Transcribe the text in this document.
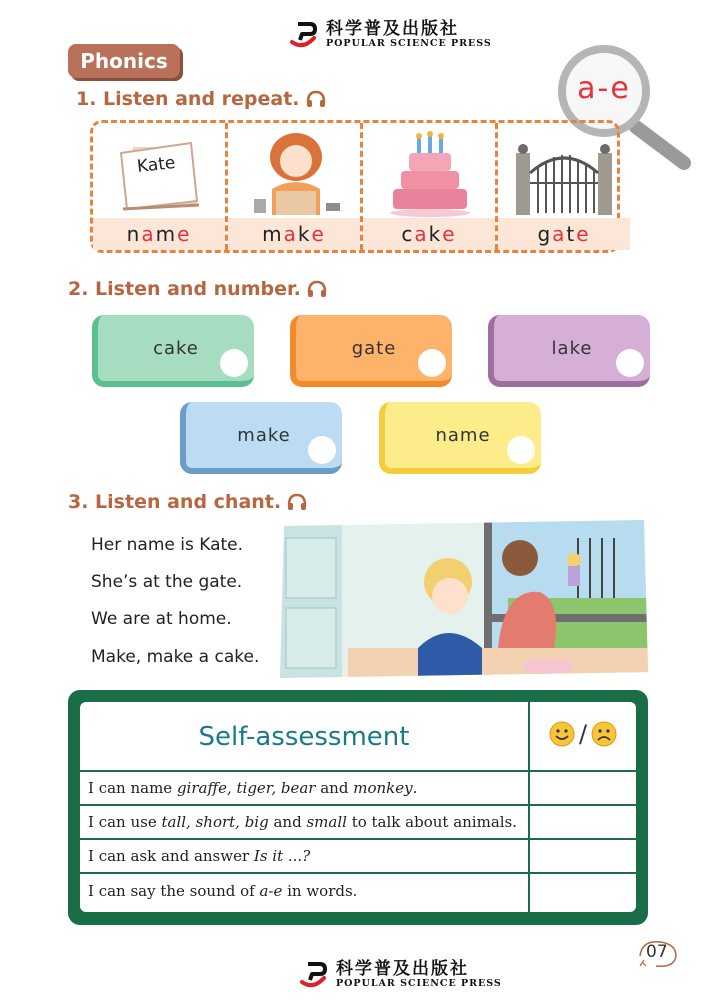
科学普及出版社
POPULAR SCIENCE PRESS
Phonics
a-e
1. Listen and repeat.
Kate
n a m e	m a k e	c a k e	g a t e
2. Listen and number.
cake	gate	lake
make	name
3. Listen and chant.
Her name is Kate.
She’s at the gate.
We are at home.
Make, make a cake.
Self-assessment	/
I can name giraffe, tiger, bear and monkey.
I can use tall, short, big and small to talk about animals.
I can ask and answer Is it ...?
I can say the sound of a-e in words.
07
科学普及出版社
POPULAR SCIENCE PRESS
